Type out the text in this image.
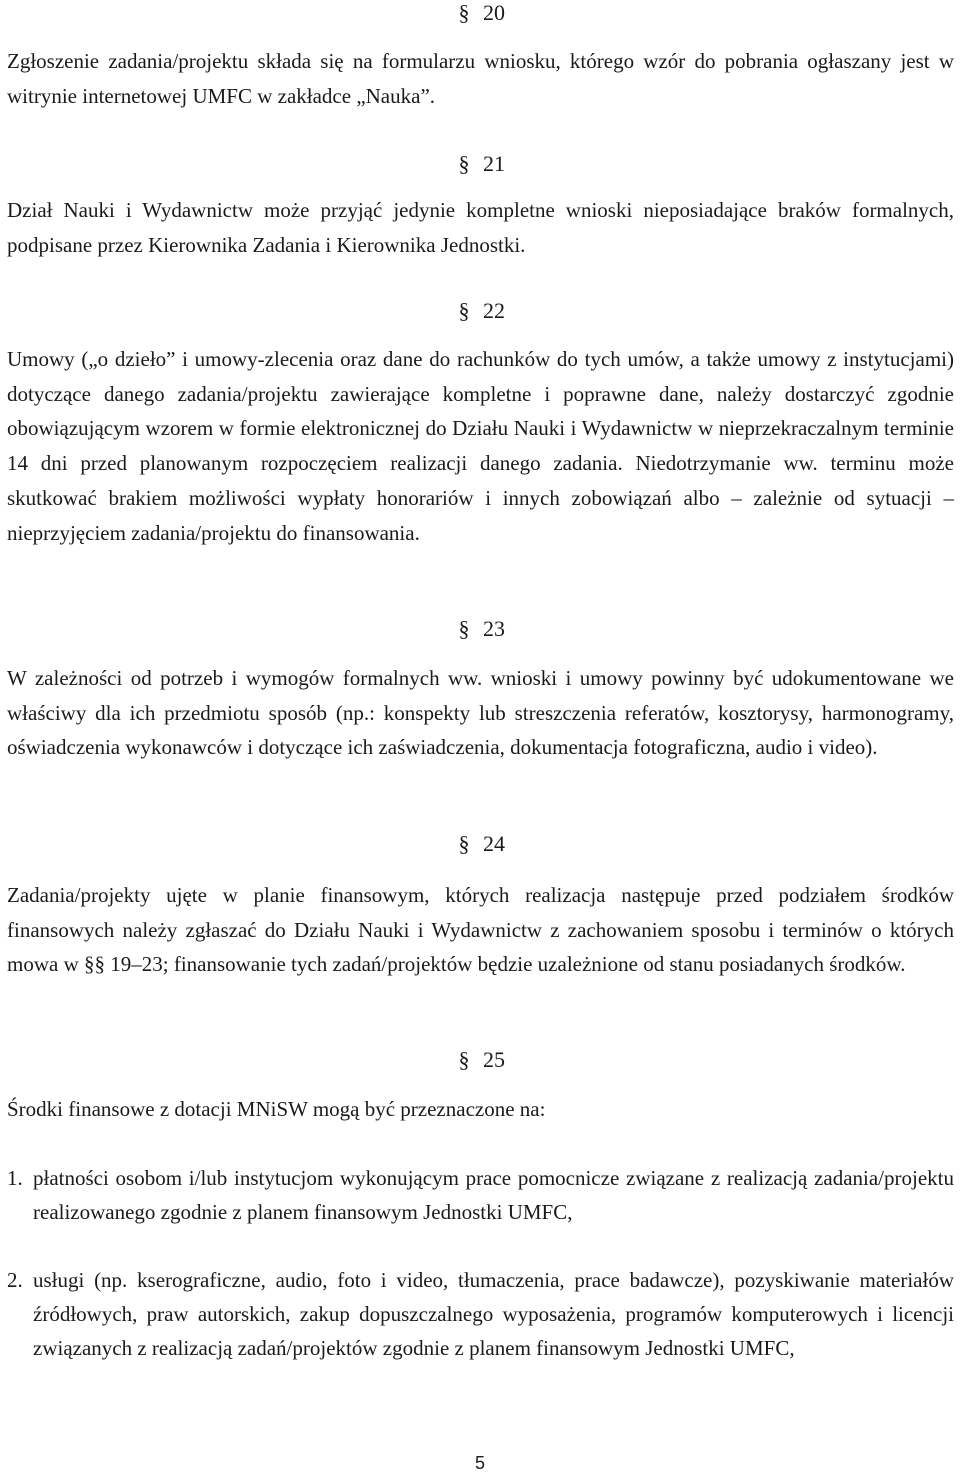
§ 20

Zgłoszenie zadania/projektu składa się na formularzu wniosku, którego wzór do pobrania ogłaszany jest w witrynie internetowej UMFC w zakładce „Nauka”.

§ 21

Dział Nauki i Wydawnictw może przyjąć jedynie kompletne wnioski nieposiadające braków formalnych, podpisane przez Kierownika Zadania i Kierownika Jednostki.

§ 22

Umowy („o dzieło” i umowy-zlecenia oraz dane do rachunków do tych umów, a także umowy z instytucjami) dotyczące danego zadania/projektu zawierające kompletne i poprawne dane, należy dostarczyć zgodnie obowiązującym wzorem w formie elektronicznej do Działu Nauki i Wydawnictw w nieprzekraczalnym terminie 14 dni przed planowanym rozpoczęciem realizacji danego zadania. Niedotrzymanie ww. terminu może skutkować brakiem możliwości wypłaty honorariów i innych zobowiązań albo – zależnie od sytuacji – nieprzyjęciem zadania/projektu do finansowania.

§ 23

W zależności od potrzeb i wymogów formalnych ww. wnioski i umowy powinny być udokumentowane we właściwy dla ich przedmiotu sposób (np.: konspekty lub streszczenia referatów, kosztorysy, harmonogramy, oświadczenia wykonawców i dotyczące ich zaświadczenia, dokumentacja fotograficzna, audio i video).

§ 24

Zadania/projekty ujęte w planie finansowym, których realizacja następuje przed podziałem środków finansowych należy zgłaszać do Działu Nauki i Wydawnictw z zachowaniem sposobu i terminów o których mowa w §§ 19–23; finansowanie tych zadań/projektów będzie uzależnione od stanu posiadanych środków.

§ 25

Środki finansowe z dotacji MNiSW mogą być przeznaczone na:

1. płatności osobom i/lub instytucjom wykonującym prace pomocnicze związane z realizacją zadania/projektu realizowanego zgodnie z planem finansowym Jednostki UMFC,
2. usługi (np. kserograficzne, audio, foto i video, tłumaczenia, prace badawcze), pozyskiwanie materiałów źródłowych, praw autorskich, zakup dopuszczalnego wyposażenia, programów komputerowych i licencji związanych z realizacją zadań/projektów zgodnie z planem finansowym Jednostki UMFC,
5
